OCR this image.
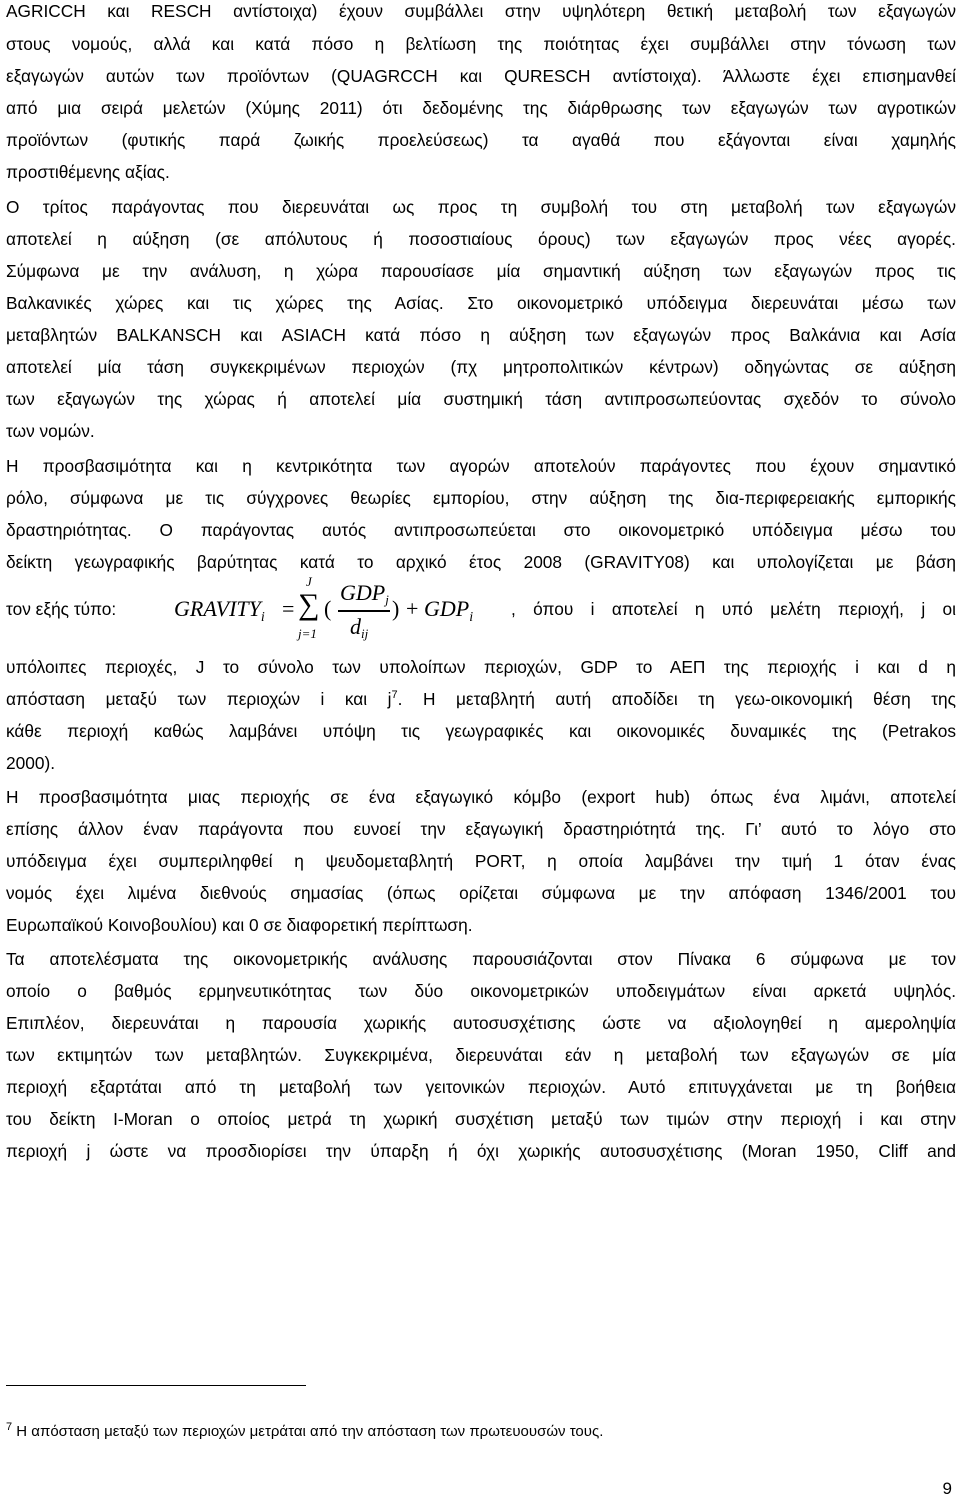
AGRICCH και RESCH αντίστοιχα) έχουν συμβάλλει στην υψηλότερη θετική μεταβολή των εξαγωγών
στους νομούς, αλλά και κατά πόσο η βελτίωση της ποιότητας έχει συμβάλλει στην τόνωση των
εξαγωγών αυτών των προϊόντων (QUAGRCCH και QURESCH αντίστοιχα). Άλλωστε έχει επισημανθεί
από μια σειρά μελετών (Χύμης 2011) ότι δεδομένης της διάρθρωσης των εξαγωγών των αγροτικών
προϊόντων (φυτικής παρά ζωικής προελεύσεως) τα αγαθά που εξάγονται είναι χαμηλής
προστιθέμενης αξίας.
Ο τρίτος παράγοντας που διερευνάται ως προς τη συμβολή του στη μεταβολή των εξαγωγών
αποτελεί η αύξηση (σε απόλυτους ή ποσοστιαίους όρους) των εξαγωγών προς νέες αγορές.
Σύμφωνα με την ανάλυση, η χώρα παρουσίασε μία σημαντική αύξηση των εξαγωγών προς τις
Βαλκανικές χώρες και τις χώρες της Ασίας. Στο οικονομετρικό υπόδειγμα διερευνάται μέσω των
μεταβλητών BALKANSCH και ASIACH κατά πόσο η αύξηση των εξαγωγών προς Βαλκάνια και Ασία
αποτελεί μία τάση συγκεκριμένων περιοχών (πχ μητροπολιτικών κέντρων) οδηγώντας σε αύξηση
των εξαγωγών της χώρας ή αποτελεί μία συστημική τάση αντιπροσωπεύοντας σχεδόν το σύνολο
των νομών.
Η προσβασιμότητα και η κεντρικότητα των αγορών αποτελούν παράγοντες που έχουν σημαντικό
ρόλο, σύμφωνα με τις σύγχρονες θεωρίες εμπορίου, στην αύξηση της δια-περιφερειακής εμπορικής
δραστηριότητας. Ο παράγοντας αυτός αντιπροσωπεύεται στο οικονομετρικό υπόδειγμα μέσω του
δείκτη γεωγραφικής βαρύτητας κατά το αρχικό έτος 2008 (GRAVITY08) και υπολογίζεται με βάση
τον εξής τύπο:	$GRAVITY_i$ = ∑
J
j=1
(
GDPj
dij
) + $GDP_i$ , όπου i αποτελεί η υπό μελέτη περιοχή, j οι
υπόλοιπες περιοχές, J το σύνολο των υπολοίπων περιοχών, GDP το ΑΕΠ της περιοχής i και d η
απόσταση μεταξύ των περιοχών i και $j^7$. Η μεταβλητή αυτή αποδίδει τη γεω-οικονομική θέση της
κάθε περιοχή καθώς λαμβάνει υπόψη τις γεωγραφικές και οικονομικές δυναμικές της (Petrakos
2000).
Η προσβασιμότητα μιας περιοχής σε ένα εξαγωγικό κόμβο (export hub) όπως ένα λιμάνι, αποτελεί
επίσης άλλον έναν παράγοντα που ευνοεί την εξαγωγική δραστηριότητά της. Γι’ αυτό το λόγο στο
υπόδειγμα έχει συμπεριληφθεί η ψευδομεταβλητή PORT, η οποία λαμβάνει την τιμή 1 όταν ένας
νομός έχει λιμένα διεθνούς σημασίας (όπως ορίζεται σύμφωνα με την απόφαση 1346/2001 του
Ευρωπαϊκού Κοινοβουλίου) και 0 σε διαφορετική περίπτωση.
Τα αποτελέσματα της οικονομετρικής ανάλυσης παρουσιάζονται στον Πίνακα 6 σύμφωνα με τον
οποίο ο βαθμός ερμηνευτικότητας των δύο οικονομετρικών υποδειγμάτων είναι αρκετά υψηλός.
Επιπλέον, διερευνάται η παρουσία χωρικής αυτοσυσχέτισης ώστε να αξιολογηθεί η αμεροληψία
των εκτιμητών των μεταβλητών. Συγκεκριμένα, διερευνάται εάν η μεταβολή των εξαγωγών σε μία
περιοχή εξαρτάται από τη μεταβολή των γειτονικών περιοχών. Αυτό επιτυγχάνεται με τη βοήθεια
του δείκτη I-Moran ο οποίος μετρά τη χωρική συσχέτιση μεταξύ των τιμών στην περιοχή i και στην
περιοχή j ώστε να προσδιορίσει την ύπαρξη ή όχι χωρικής αυτοσυσχέτισης (Moran 1950, Cliff and
$^7$ Η απόσταση μεταξύ των περιοχών μετράται από την απόσταση των πρωτευουσών τους.
9
